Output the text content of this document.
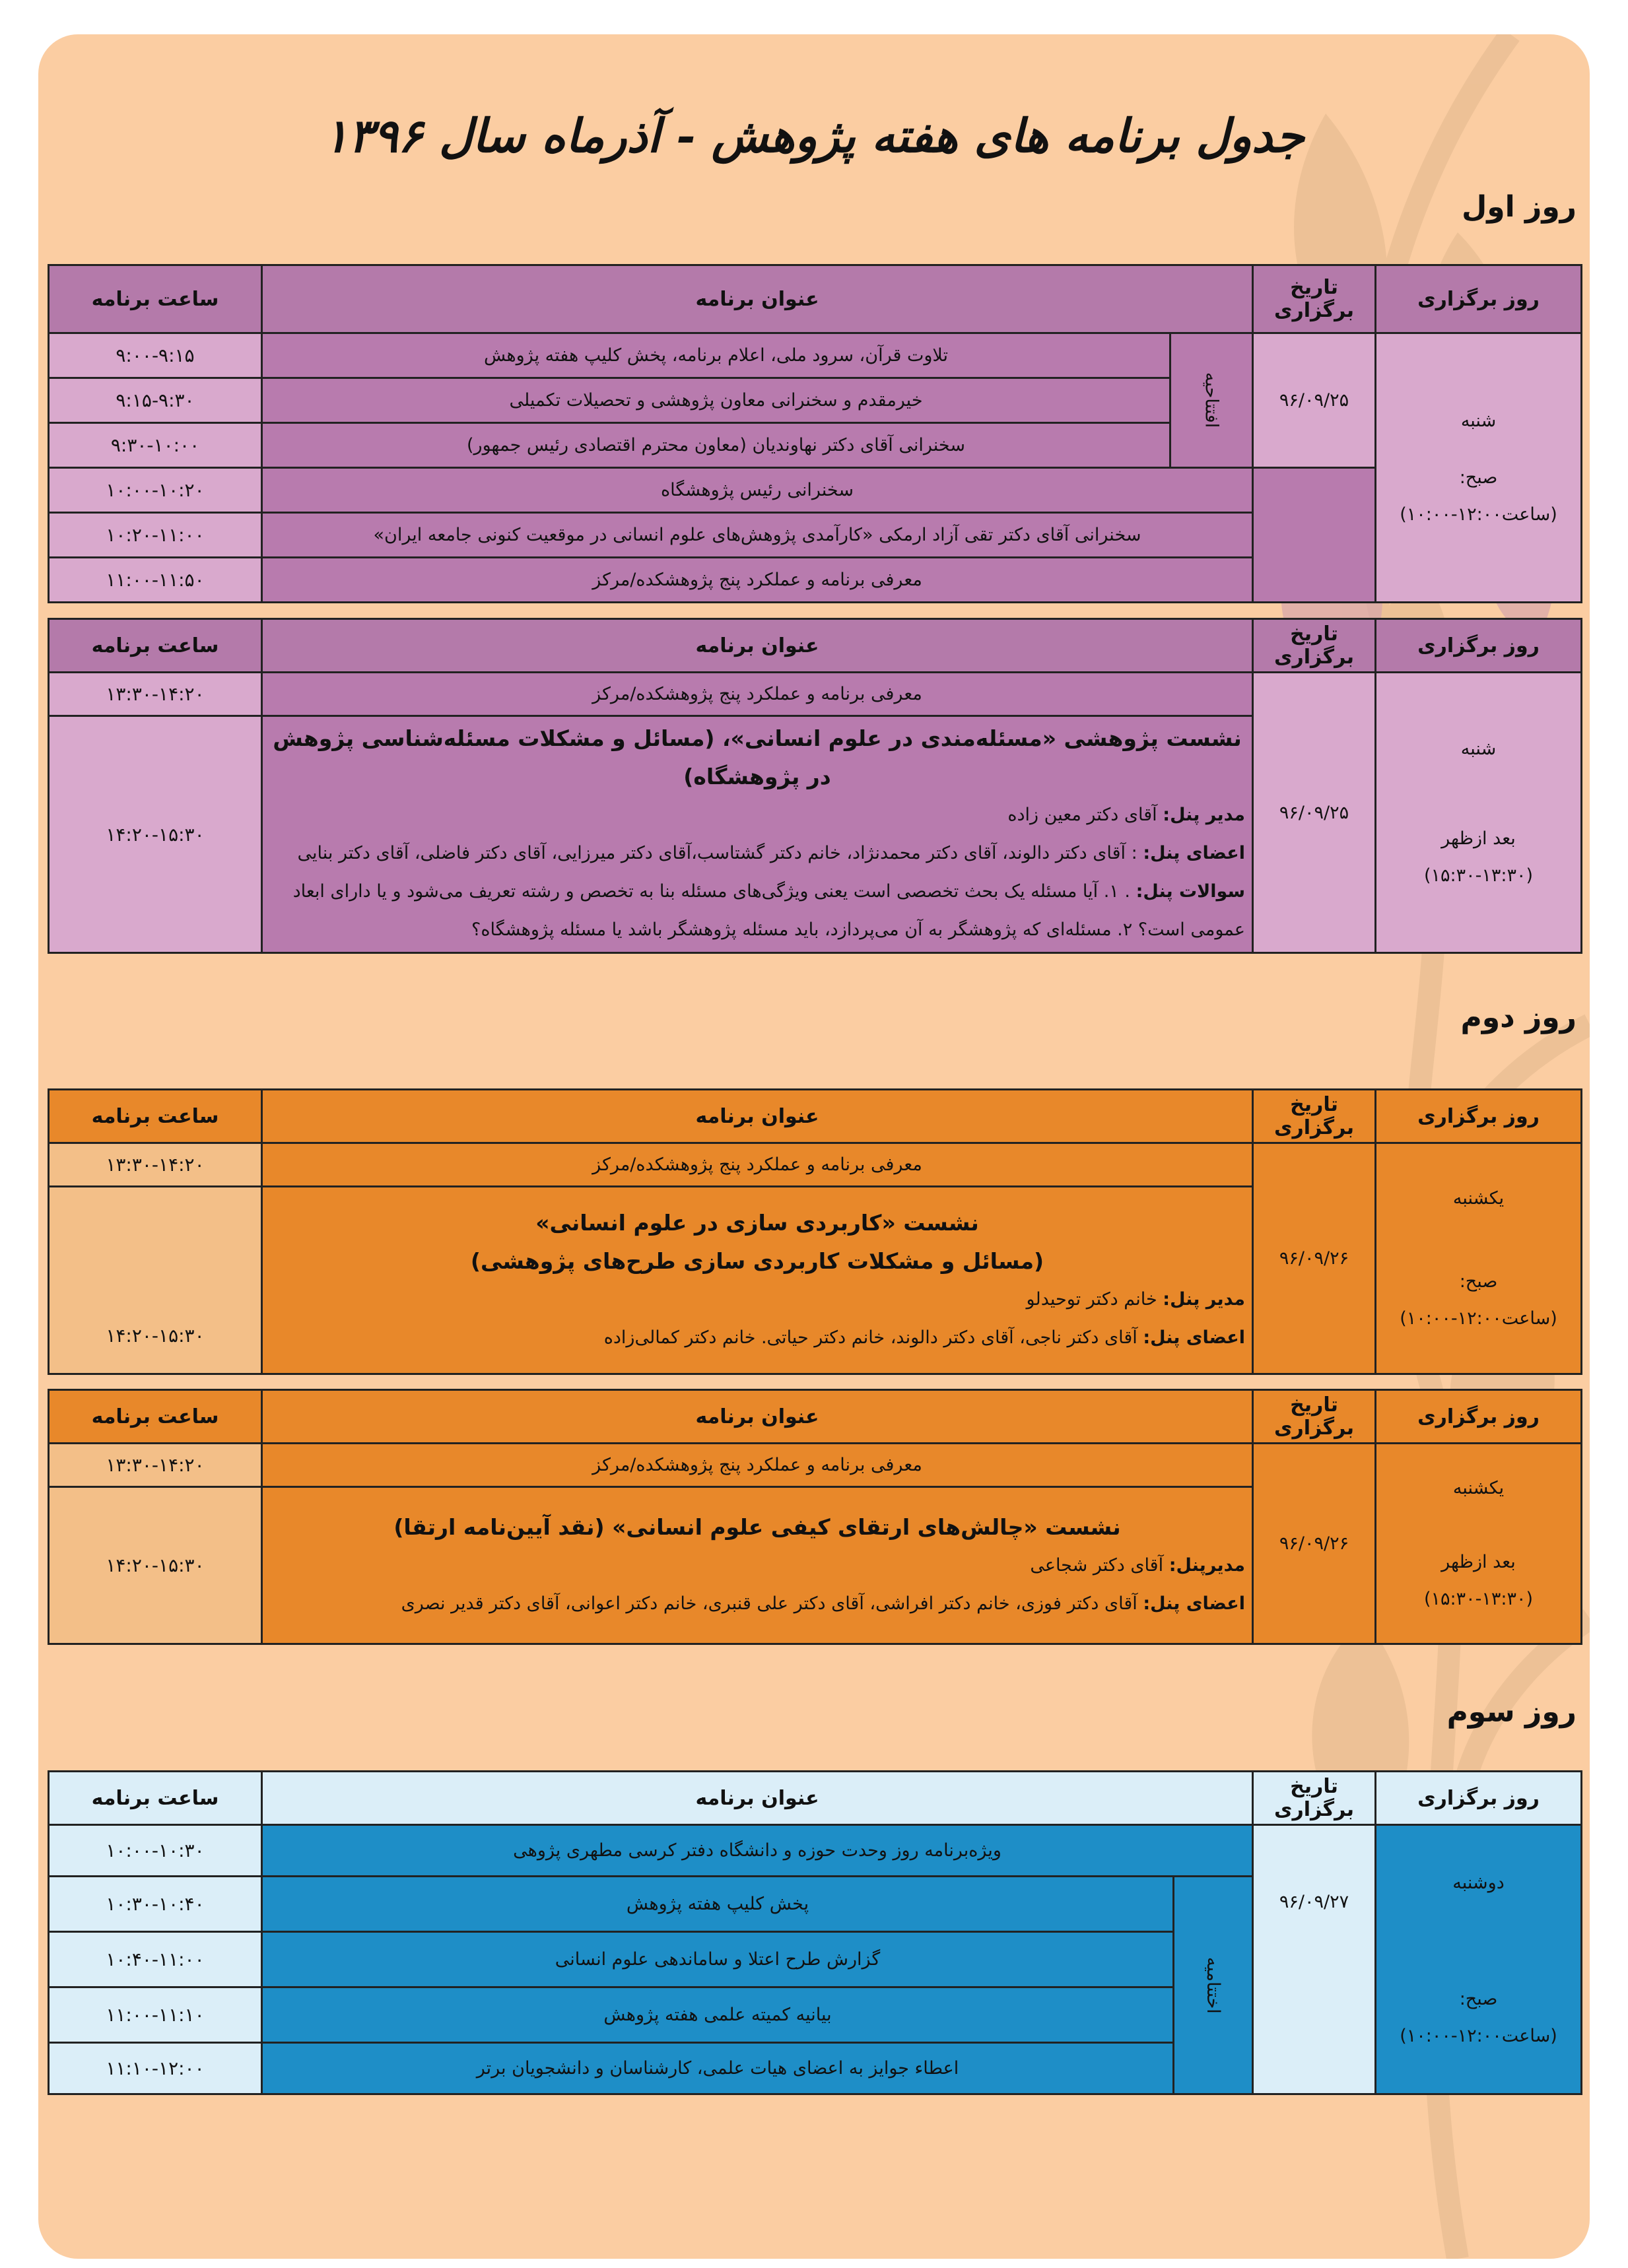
جدول برنامه های هفته پژوهش - آذرماه سال ۱۳۹۶
روز اول
روز برگزاری	تاریخ برگزاری	عنوان برنامه		ساعت برنامه

شنبه
صبح:
(ساعت۱۲:۰۰-۱۰:۰۰)	۹۶/۰۹/۲۵	افتتاحیه	تلاوت قرآن، سرود ملی، اعلام برنامه، پخش کلیپ هفته پژوهش	۹:۰۰-۹:۱۵
			خیرمقدم و سخنرانی معاون پژوهشی و تحصیلات تکمیلی	۹:۱۵-۹:۳۰
			سخنرانی آقای دکتر نهاوندیان (معاون محترم اقتصادی رئیس جمهور)	۹:۳۰-۱۰:۰۰
		سخنرانی رئیس پژوهشگاه		۱۰:۰۰-۱۰:۲۰
		سخنرانی آقای دکتر تقی آزاد ارمکی «کارآمدی پژوهش‌های علوم انسانی در موقعیت کنونی جامعه ایران»		۱۰:۲۰-۱۱:۰۰
		معرفی برنامه و عملکرد پنج پژوهشکده/مرکز		۱۱:۰۰-۱۱:۵۰
روز برگزاری	تاریخ برگزاری	عنوان برنامه	ساعت برنامه

شنبه
بعد ازظهر
(۱۵:۳۰-۱۳:۳۰)	۹۶/۰۹/۲۵	معرفی برنامه و عملکرد پنج پژوهشکده/مرکز	۱۳:۳۰-۱۴:۲۰

		نشست پژوهشی «مسئله‌مندی در علوم انسانی»، (مسائل و مشکلات مسئله‌شناسی پژوهش در پژوهشگاه)
مدیر پنل: آقای دکتر معین زاده
اعضای پنل: : آقای دکتر دالوند، آقای دکتر محمدنژاد، خانم دکتر گشتاسب،آقای دکتر میرزایی، آقای دکتر فاضلی، آقای دکتر بنایی
سوالات پنل: . ۱. آیا مسئله یک بحث تخصصی است یعنی ویژگی‌های مسئله بنا به تخصص و رشته تعریف می‌شود و یا دارای ابعاد عمومی است؟ ۲. مسئله‌ای که پژوهشگر به آن می‌پردازد، باید مسئله پژوهشگر باشد یا مسئله پژوهشگاه؟	۱۴:۲۰-۱۵:۳۰
روز دوم
روز برگزاری	تاریخ برگزاری	عنوان برنامه	ساعت برنامه

یکشنبه
صبح:
(ساعت۱۲:۰۰-۱۰:۰۰)	۹۶/۰۹/۲۶	معرفی برنامه و عملکرد پنج پژوهشکده/مرکز	۱۳:۳۰-۱۴:۲۰

		نشست «کاربردی سازی در علوم انسانی»
(مسائل و مشکلات کاربردی سازی طرح‌های پژوهشی)
مدیر پنل: خانم دکتر توحیدلو
اعضای پنل: آقای دکتر ناجی، آقای دکتر دالوند، خانم دکتر حیاتی. خانم دکتر کمالی‌زاده	۱۴:۲۰-۱۵:۳۰
روز برگزاری	تاریخ برگزاری	عنوان برنامه	ساعت برنامه

یکشنبه
بعد ازظهر
(۱۵:۳۰-۱۳:۳۰)	۹۶/۰۹/۲۶	معرفی برنامه و عملکرد پنج پژوهشکده/مرکز	۱۳:۳۰-۱۴:۲۰

		نشست «چالش‌های ارتقای کیفی علوم انسانی» (نقد آیین‌نامه ارتقا)
مدیرپنل: آقای دکتر شجاعی
اعضای پنل: آقای دکتر فوزی، خانم دکتر افراشی، آقای دکتر علی قنبری، خانم دکتر اعوانی، آقای دکتر قدیر نصری	۱۴:۲۰-۱۵:۳۰
روز سوم
روز برگزاری	تاریخ برگزاری	عنوان برنامه		ساعت برنامه

دوشنبه
صبح:
(ساعت۱۲:۰۰-۱۰:۰۰)	۹۶/۰۹/۲۷	ویژه‌برنامه روز وحدت حوزه و دانشگاه دفتر کرسی مطهری پژوهی		۱۰:۰۰-۱۰:۳۰
		اختتامیه	پخش کلیپ هفته پژوهش	۱۰:۳۰-۱۰:۴۰
			گزارش طرح اعتلا و ساماندهی علوم انسانی	۱۰:۴۰-۱۱:۰۰
			بیانیه کمیته علمی هفته پژوهش	۱۱:۰۰-۱۱:۱۰
			اعطاء جوایز به اعضای هیات علمی، کارشناسان و دانشجویان برتر	۱۱:۱۰-۱۲:۰۰
